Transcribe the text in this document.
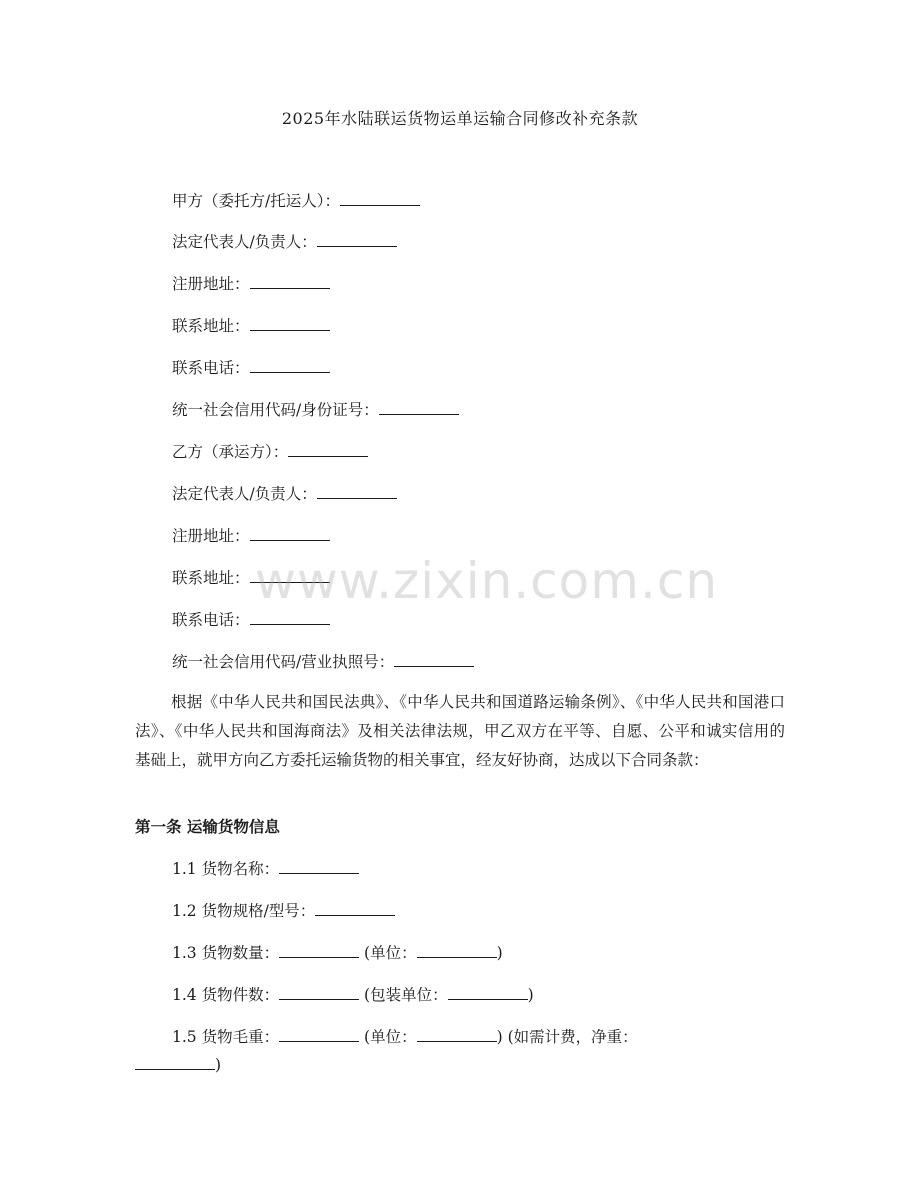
2025年水陆联运货物运单运输合同修改补充条款
甲方（委托方/托运人）：
法定代表人/负责人：
注册地址：
联系地址：
联系电话：
统一社会信用代码/身份证号：
乙方（承运方）：
法定代表人/负责人：
注册地址：
联系地址：
联系电话：
统一社会信用代码/营业执照号：
根据《中华人民共和国民法典》、《中华人民共和国道路运输条例》、《中华人民共和国港口法》、《中华人民共和国海商法》及相关法律法规，甲乙双方在平等、自愿、公平和诚实信用的基础上，就甲方向乙方委托运输货物的相关事宜，经友好协商，达成以下合同条款：
第一条 运输货物信息
1.1 货物名称：
1.2 货物规格/型号：
1.3 货物数量：	(单位：	)
1.4 货物件数：	(包装单位：	)
1.5 货物毛重：	(单位：	) (如需计费，净重：
)
www.zixin.com.cn
